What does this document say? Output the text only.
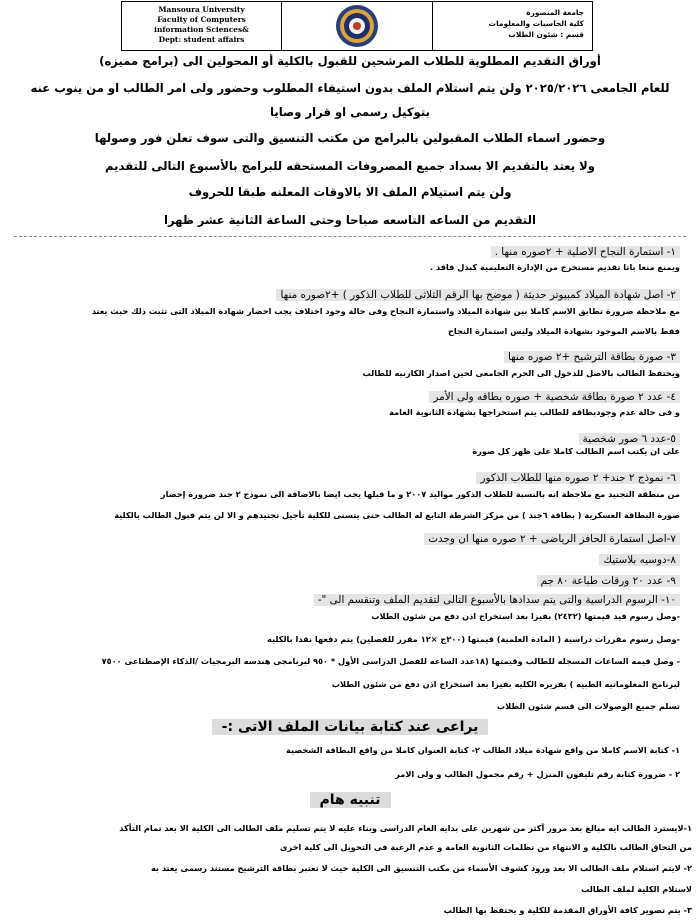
Mansoura University
Faculty of Computers
information Sciences&
Dept: student affairs
جامعة المنصورة
كلية الحاسبات والمعلومات
قسم : شئون الطلاب
أوراق التقديم المطلوبة للطلاب المرشحين للقبول بالكلية أو المحولين الى (برامج مميزه)
للعام الجامعى ٢٠٢٥/٢٠٢٦ ولن يتم استلام الملف بدون استيفاء المطلوب وحضور ولى امر الطالب او من ينوب عنه
بتوكيل رسمى او قرار وصايا
وحضور اسماء الطلاب المقبولين بالبرامج من مكتب التنسيق والتى سوف تعلن فور وصولها
ولا يعتد بالتقديم الا بسداد جميع المصروفات المستحقه للبرامج بالأسبوع التالى للتقديم
ولن يتم استيلام الملف الا بالاوقات المعلنه طبقا للحروف
التقديم من الساعه التاسعه صباحا وحتى الساعة الثانية عشر ظهرا
١- استمارة النجاح الاصلية + ٢صوره منها .
ويمنع منعا باتا تقديم مستخرج من الإدارة التعليمية كبدل فاقد .
٢- اصل شهادة الميلاد كمبيوتر حديثة ( موضح بها الرقم الثلاثى للطلاب الذكور ) +٢صوره منها
مع ملاحظة ضرورة تطابق الاسم كاملا بين شهادة الميلاد واستمارة النجاح وفى حالة وجود اختلاف يجب احضار شهادة الميلاد التى تثبت ذلك حيث يعتد
فقط بالاسم الموجود بشهادة الميلاد وليس استمارة النجاح
٣- صورة بطاقة الترشيح +٢ صوره منها
ويحتفظ الطالب بالاصل للدخول الى الحرم الجامعى لحين اصدار الكارنيه للطالب
٤- عدد ٢ صورة بطاقة شخصية + صوره بطاقه ولى الأمر
و فى حالة عدم وجودبطاقه للطالب يتم استخراجها بشهادة الثانوية العامة
٥-عدد ٦ صور شخصية
على ان يكتب اسم الطالب كاملا على ظهر كل صورة
٦- نموذج ٢ جند+ ٢ صوره منها للطلاب الذكور
من منطقة التجنيد مع ملاحظة انه بالنسبة للطلاب الذكور مواليد ٢٠٠٧ و ما قبلها يجب ايضا بالاضافة الى نموذج ٢ جند ضرورة إحضار
صورة البطاقة العسكرية ( بطاقة ٦جند ) من مركز الشرطة التابع له الطالب حتى يتسنى للكلية تأجيل تجنيدهم و الا لن يتم قبول الطالب بالكلية
٧-اصل استمارة الحافز الرياضى + ٢ صوره منها ان وجدت
٨-دوسيه بلاستيك
٩- عدد ٢٠ ورقات طباعة ٨٠ جم
١٠- الرسوم الدراسية والتى يتم سدادها بالأسبوع التالى لتقديم الملف وتنقسم الى "-
-وصل رسوم قيد قيمتها (٢٤٣٢) بفيزا بعد استخراج اذن دفع من شئون الطلاب
-وصل رسوم مقررات دراسية ( المادة العلمية) قيمتها (٢٠٠ج ×١٢ مقرر للفصلين) يتم دفعها نقدا بالكليه
- وصل قيمه الساعات المسجله للطالب وقيمتها (١٨عدد الساعه للفصل الدراسى الأول * ٩٥٠ لبرنامجى هندسه البرمجيات /الذكاء الإصطناعى ٧٥٠٠
لبرنامج المعلوماتيه الطبيه ) بفريزه الكليه بفيزا بعد استخراج اذن دفع من شئون الطلاب
تسلم جميع الوصولات الى قسم شئون الطلاب
يراعى عند كتابة بيانات الملف الاتى :-
١- كتابة الاسم كاملا من واقع شهادة ميلاد الطالب ٢- كتابة العنوان كاملا من واقع البطاقة الشخصية
٢ - ضرورة كتابة رقم تليفون المنزل + رقم محمول الطالب و ولى الامر
تنبيه هام
١-لايسترد الطالب ايه مبالغ بعد مرور أكثر من شهرين على بدايه العام الدراسى وبناء عليه لا يتم تسليم ملف الطالب الى الكلية الا بعد تمام التأكد
من التحاق الطالب بالكلية و الانتهاء من تظلمات الثانوية العامة و عدم الرغبة فى التحويل الى كلية اخرى
٢- لايتم استلام ملف الطالب الا بعد ورود كشوف الأسماء من مكتب التنسيق الى الكلية حيث لا تعتبر بطاقة الترشيح مستند رسمى يعتد به
لاستلام الكلية لملف الطالب
٣- يتم تصوير كافة الأوراق المقدمة للكلية و يحتفظ بها الطالب
